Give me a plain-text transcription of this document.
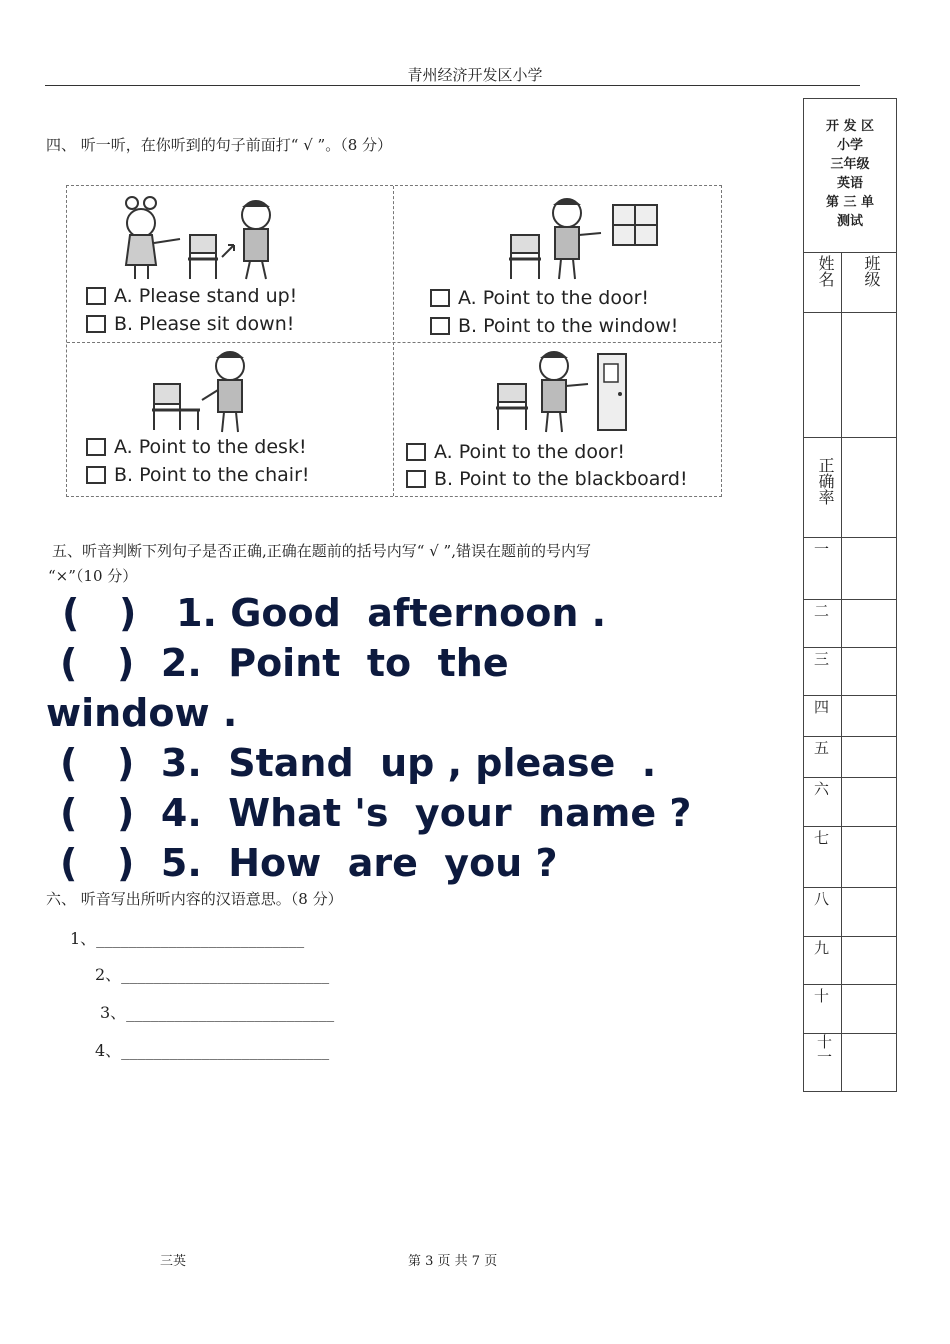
青州经济开发区小学
四、 听一听，在你听到的句子前面打“ √ ”。（8 分）
A. Please stand up!
B. Please sit down!
A. Point to the door!
B. Point to the window!
A. Point to the desk!
B. Point to the chair!
A. Point to the door!
B. Point to the blackboard!
五、听音判断下列句子是否正确,正确在题前的括号内写“ √ ”,错误在题前的号内写
“×”（10 分）
(   )   1. Good  afternoon .
(   )  2.  Point  to  the
window .
(   )  3.  Stand  up , please  .
(   )  4.  What 's  your  name ?
(   )  5.  How  are  you ?
六、 听音写出所听内容的汉语意思。（8 分）
1、__________________________
2、__________________________
3、__________________________
4、__________________________
开 发 区
小学
三年级
英语
第 三 单
测试
姓名 班级
正确率
一
二
三
四
五
六
七
八
九
十
十一
三英	第 3 页 共 7 页
